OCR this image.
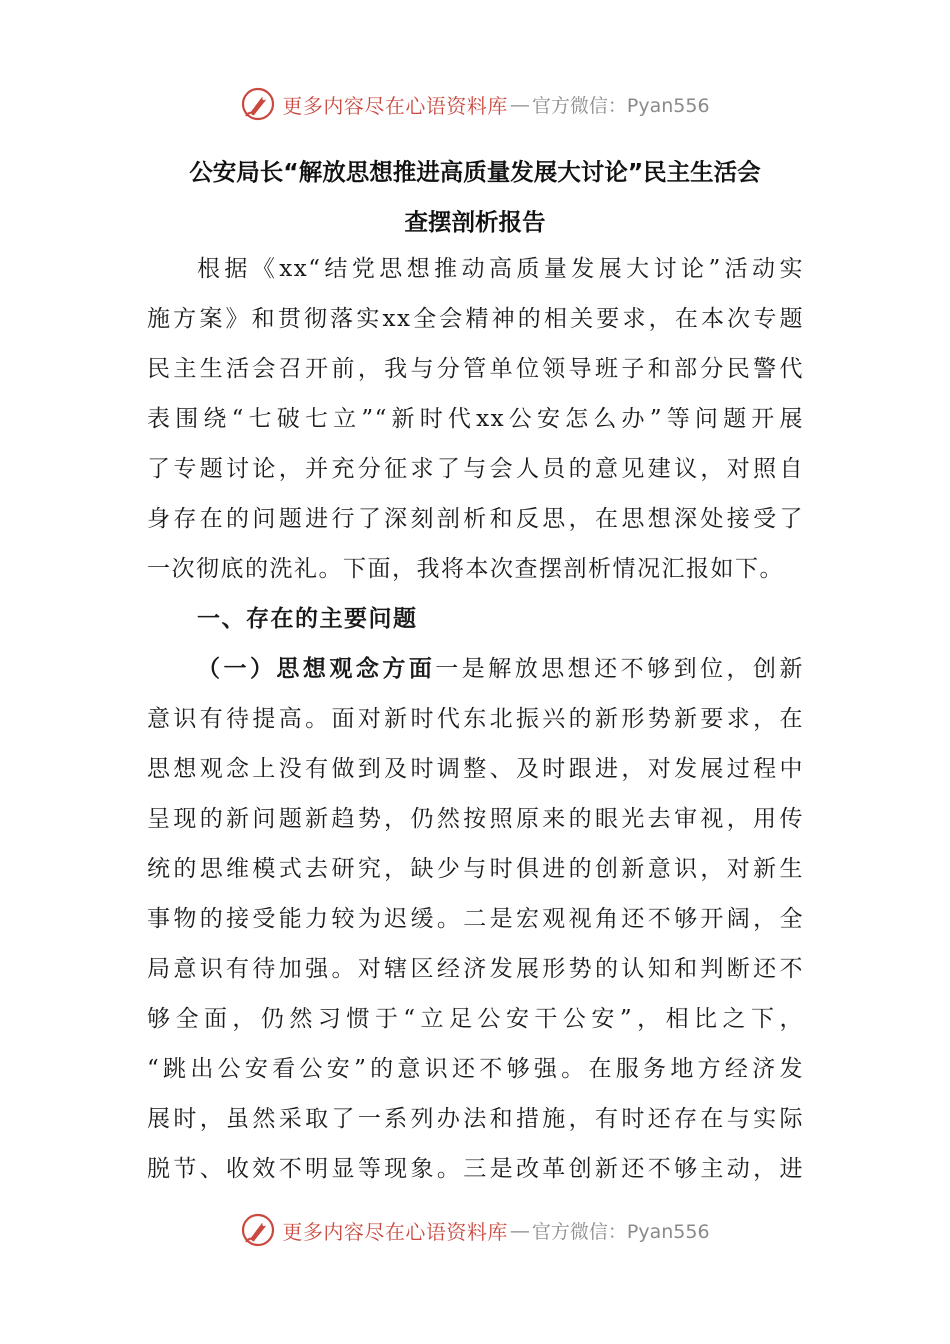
更多内容尽在心语资料库 — 官方微信：Pyan556
公安局长“解放思想推进高质量发展大讨论”民主生活会
查摆剖析报告
根据《xx“结党思想推动高质量发展大讨论”活动实
施方案》和贯彻落实xx全会精神的相关要求，在本次专题
民主生活会召开前，我与分管单位领导班子和部分民警代
表围绕“七破七立”“新时代xx公安怎么办”等问题开展
了专题讨论，并充分征求了与会人员的意见建议，对照自
身存在的问题进行了深刻剖析和反思，在思想深处接受了
一次彻底的洗礼。下面，我将本次查摆剖析情况汇报如下。
一、存在的主要问题
（一）思想观念方面一是解放思想还不够到位，创新
意识有待提高。面对新时代东北振兴的新形势新要求，在
思想观念上没有做到及时调整、及时跟进，对发展过程中
呈现的新问题新趋势，仍然按照原来的眼光去审视，用传
统的思维模式去研究，缺少与时俱进的创新意识，对新生
事物的接受能力较为迟缓。二是宏观视角还不够开阔，全
局意识有待加强。对辖区经济发展形势的认知和判断还不
够全面，仍然习惯于“立足公安干公安”，相比之下，
“跳出公安看公安”的意识还不够强。在服务地方经济发
展时，虽然采取了一系列办法和措施，有时还存在与实际
脱节、收效不明显等现象。三是改革创新还不够主动，进
更多内容尽在心语资料库 — 官方微信：Pyan556
